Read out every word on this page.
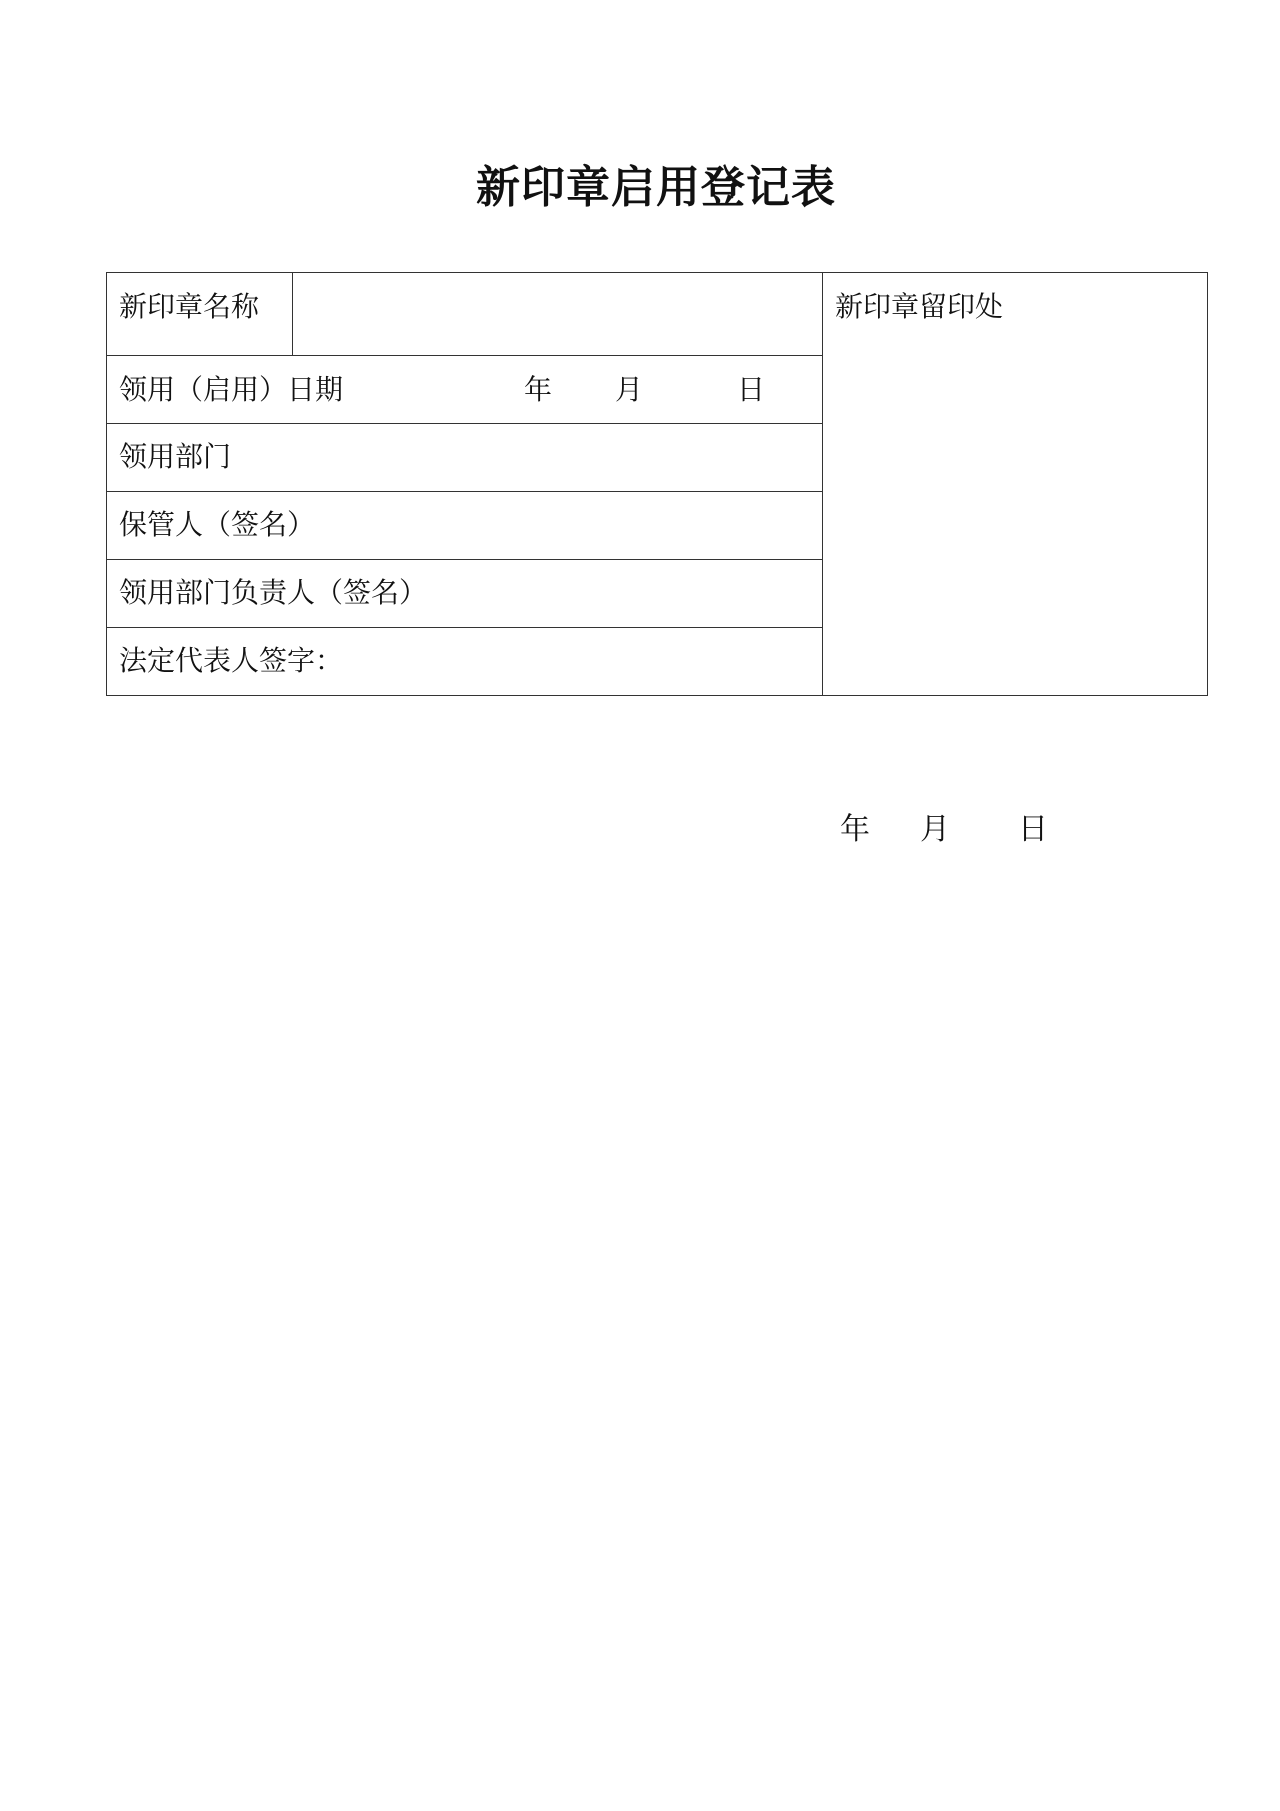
新印章启用登记表
新印章名称
领用（启用）日期	年 月	日
领用部门
保管人（签名）
领用部门负责人（签名）
法定代表人签字：
新印章留印处
年 月 日
